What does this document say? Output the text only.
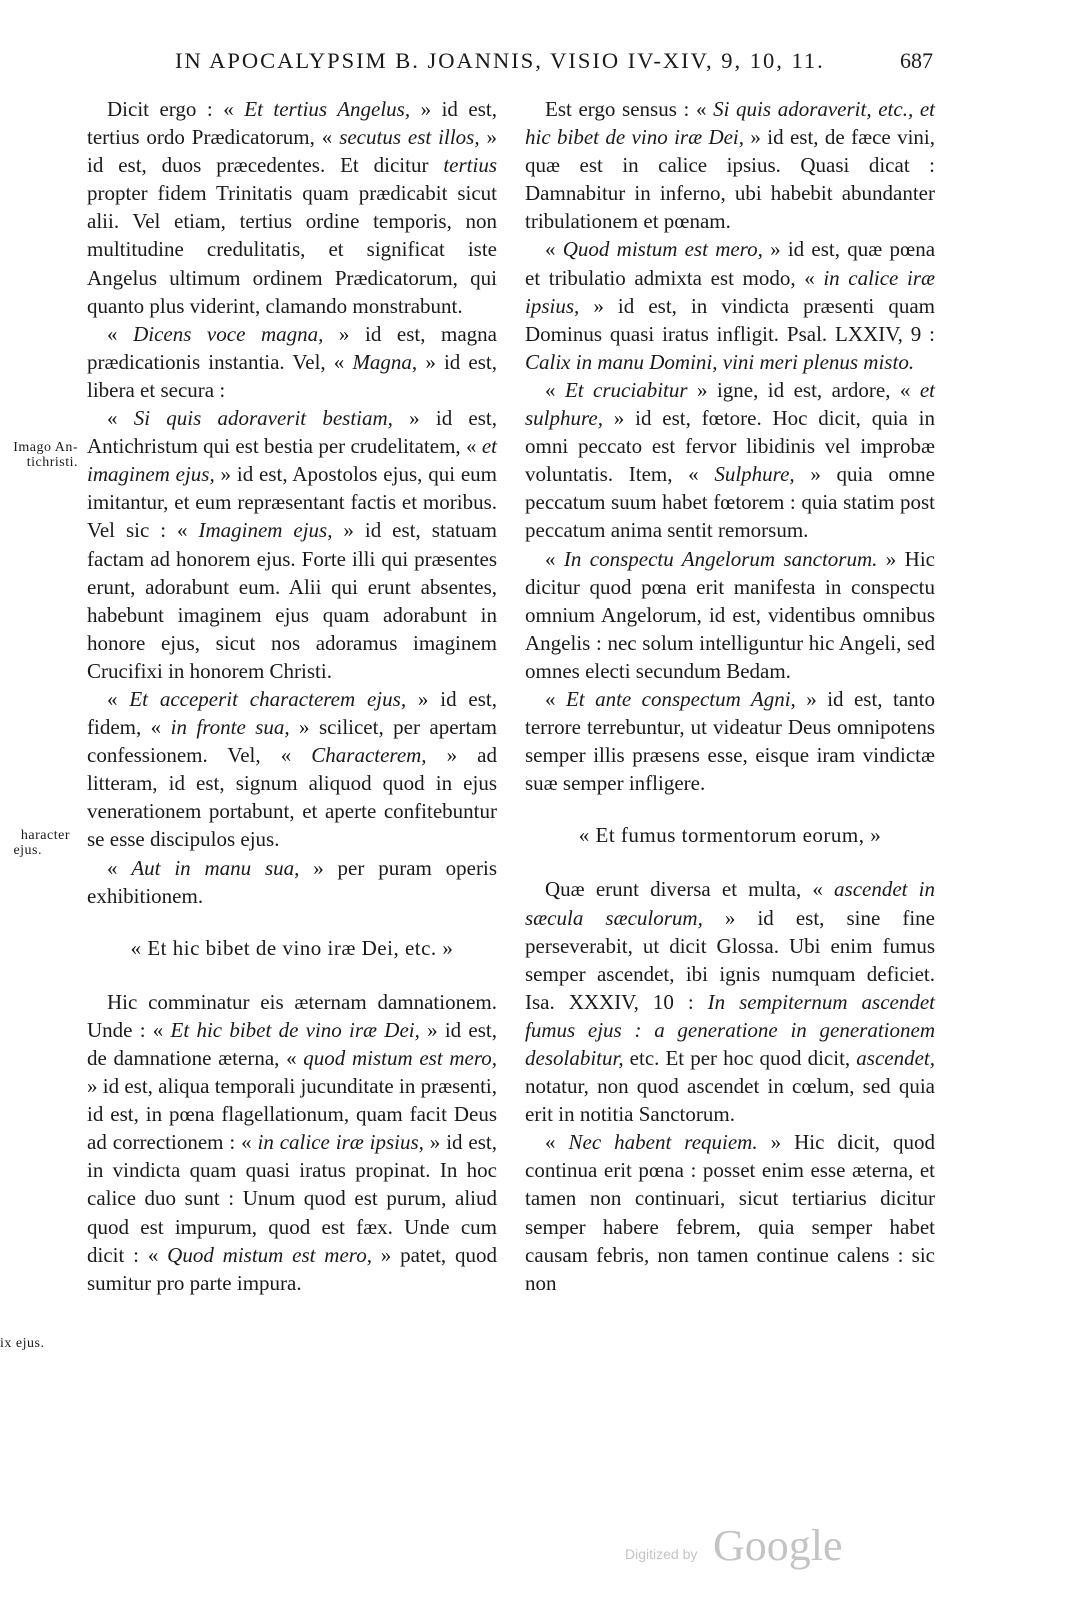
IN APOCALYPSIM B. JOANNIS, VISIO IV-XIV, 9, 10, 11.	687
Imago An-
tichristi.
haracter
ejus.
ix ejus.

Dicit ergo : « Et tertius Angelus, » id est, tertius ordo Prædicatorum, « secutus est illos, » id est, duos præcedentes. Et dicitur tertius propter fidem Trinitatis quam prædicabit sicut alii. Vel etiam, tertius ordine temporis, non multitudine credulitatis, et significat iste Angelus ultimum ordinem Prædicatorum, qui quanto plus viderint, clamando monstrabunt.

« Dicens voce magna, » id est, magna prædicationis instantia. Vel, « Magna, » id est, libera et secura :

« Si quis adoraverit bestiam, » id est, Antichristum qui est bestia per crudelitatem, « et imaginem ejus, » id est, Apostolos ejus, qui eum imitantur, et eum repræsentant factis et moribus. Vel sic : « Imaginem ejus, » id est, statuam factam ad honorem ejus. Forte illi qui præsentes erunt, adorabunt eum. Alii qui erunt absentes, habebunt imaginem ejus quam adorabunt in honore ejus, sicut nos adoramus imaginem Crucifixi in honorem Christi.

« Et acceperit characterem ejus, » id est, fidem, « in fronte sua, » scilicet, per apertam confessionem. Vel, « Characterem, » ad litteram, id est, signum aliquod quod in ejus venerationem portabunt, et aperte confitebuntur se esse discipulos ejus.

« Aut in manu sua, » per puram operis exhibitionem.

« Et hic bibet de vino iræ Dei, etc. »

Hic comminatur eis æternam damnationem. Unde : « Et hic bibet de vino iræ Dei, » id est, de damnatione æterna, « quod mistum est mero, » id est, aliqua temporali jucunditate in præsenti, id est, in pœna flagellationum, quam facit Deus ad correctionem : « in calice iræ ipsius, » id est, in vindicta quam quasi iratus propinat. In hoc calice duo sunt : Unum quod est purum, aliud quod est impurum, quod est fæx. Unde cum dicit : « Quod mistum est mero, » patet, quod sumitur pro parte impura.

Est ergo sensus : « Si quis adoraverit, etc., et hic bibet de vino iræ Dei, » id est, de fæce vini, quæ est in calice ipsius. Quasi dicat : Damnabitur in inferno, ubi habebit abundanter tribulationem et pœnam.

« Quod mistum est mero, » id est, quæ pœna et tribulatio admixta est modo, « in calice iræ ipsius, » id est, in vindicta præsenti quam Dominus quasi iratus infligit. Psal. LXXIV, 9 : Calix in manu Domini, vini meri plenus misto.

« Et cruciabitur » igne, id est, ardore, « et sulphure, » id est, fœtore. Hoc dicit, quia in omni peccato est fervor libidinis vel improbæ voluntatis. Item, « Sulphure, » quia omne peccatum suum habet fœtorem : quia statim post peccatum anima sentit remorsum.

« In conspectu Angelorum sanctorum. » Hic dicitur quod pœna erit manifesta in conspectu omnium Angelorum, id est, videntibus omnibus Angelis : nec solum intelliguntur hic Angeli, sed omnes electi secundum Bedam.

« Et ante conspectum Agni, » id est, tanto terrore terrebuntur, ut videatur Deus omnipotens semper illis præsens esse, eisque iram vindictæ suæ semper infligere.

« Et fumus tormentorum eorum, »

Quæ erunt diversa et multa, « ascendet in sæcula sæculorum, » id est, sine fine perseverabit, ut dicit Glossa. Ubi enim fumus semper ascendet, ibi ignis numquam deficiet. Isa. XXXIV, 10 : In sempiternum ascendet fumus ejus : a generatione in generationem desolabitur, etc. Et per hoc quod dicit, ascendet, notatur, non quod ascendet in cœlum, sed quia erit in notitia Sanctorum.

« Nec habent requiem. » Hic dicit, quod continua erit pœna : posset enim esse æterna, et tamen non continuari, sicut tertiarius dicitur semper habere febrem, quia semper habet causam febris, non tamen continue calens : sic non

Digitized by Google
